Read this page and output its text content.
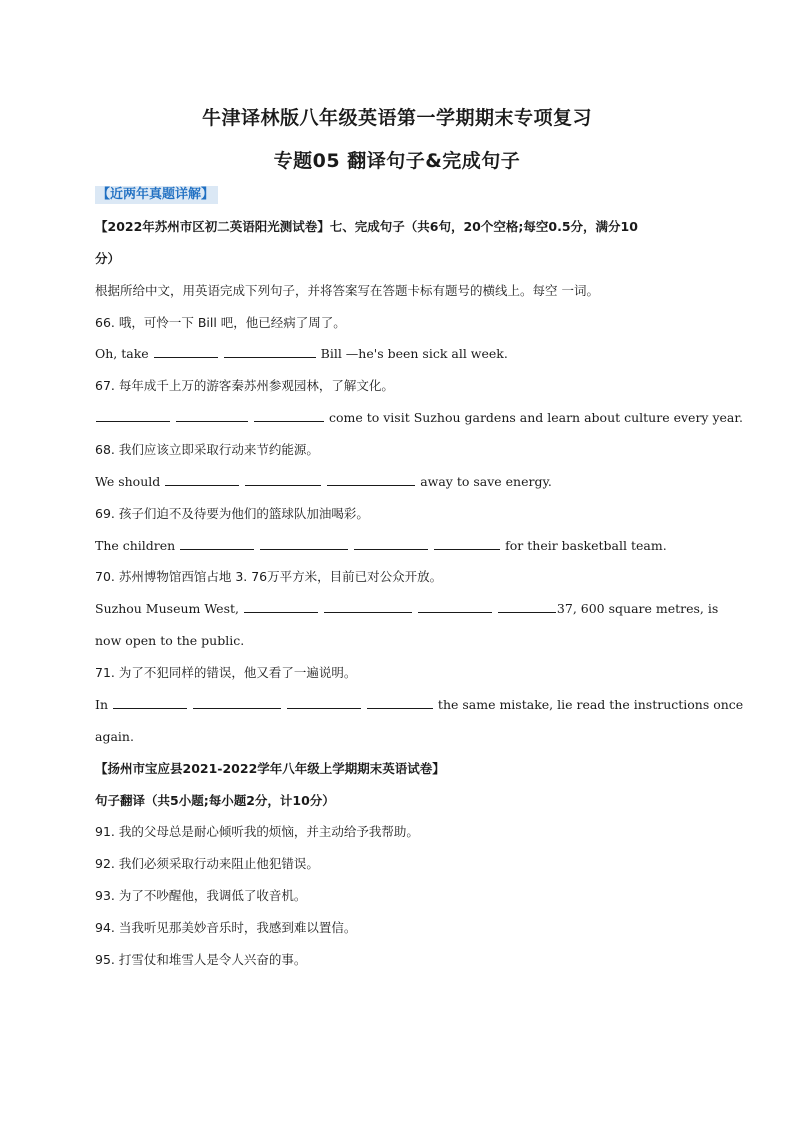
牛津译林版八年级英语第一学期期末专项复习
专题05 翻译句子&完成句子
【近两年真题详解】
【2022年苏州市区初二英语阳光测试卷】七、完成句子（共6句，20个空格;每空0.5分，满分10
分）
根据所给中文，用英语完成下列句子，并将答案写在答题卡标有题号的横线上。每空 一词。
66. 哦，可怜一下 Bill 吧，他已经病了周了。
Oh, take	Bill —he's been sick all week.
67. 每年成千上万的游客秦苏州参观园林，了解文化。
come to visit Suzhou gardens and learn about culture every year.
68. 我们应该立即采取行动来节约能源。
We should	away to save energy.
69. 孩子们迫不及待要为他们的篮球队加油喝彩。
The children	for their basketball team.
70. 苏州博物馆西馆占地 3. 76万平方米，目前已对公众开放。
Suzhou Museum West,	37, 600 square metres, is
now open to the public.
71. 为了不犯同样的错误，他又看了一遍说明。
In	the same mistake, lie read the instructions once
again.
【扬州市宝应县2021-2022学年八年级上学期期末英语试卷】
句子翻译（共5小题;每小题2分，计10分）
91. 我的父母总是耐心倾听我的烦恼，并主动给予我帮助。
92. 我们必须采取行动来阻止他犯错误。
93. 为了不吵醒他，我调低了收音机。
94. 当我听见那美妙音乐时，我感到难以置信。
95. 打雪仗和堆雪人是令人兴奋的事。
